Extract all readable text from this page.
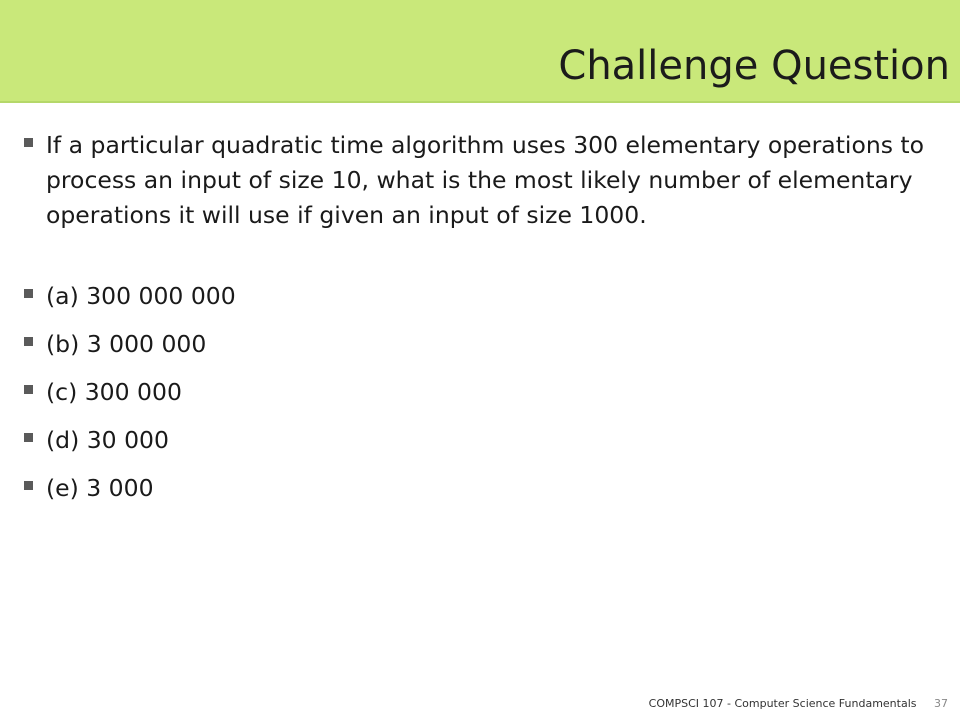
Challenge Question
If a particular quadratic time algorithm uses 300 elementary operations to process an input of size 10, what is the most likely number of elementary operations it will use if given an input of size 1000.
(a) 300 000 000
(b) 3 000 000
(c) 300 000
(d) 30 000
(e) 3 000
COMPSCI 107 - Computer Science Fundamentals 37
